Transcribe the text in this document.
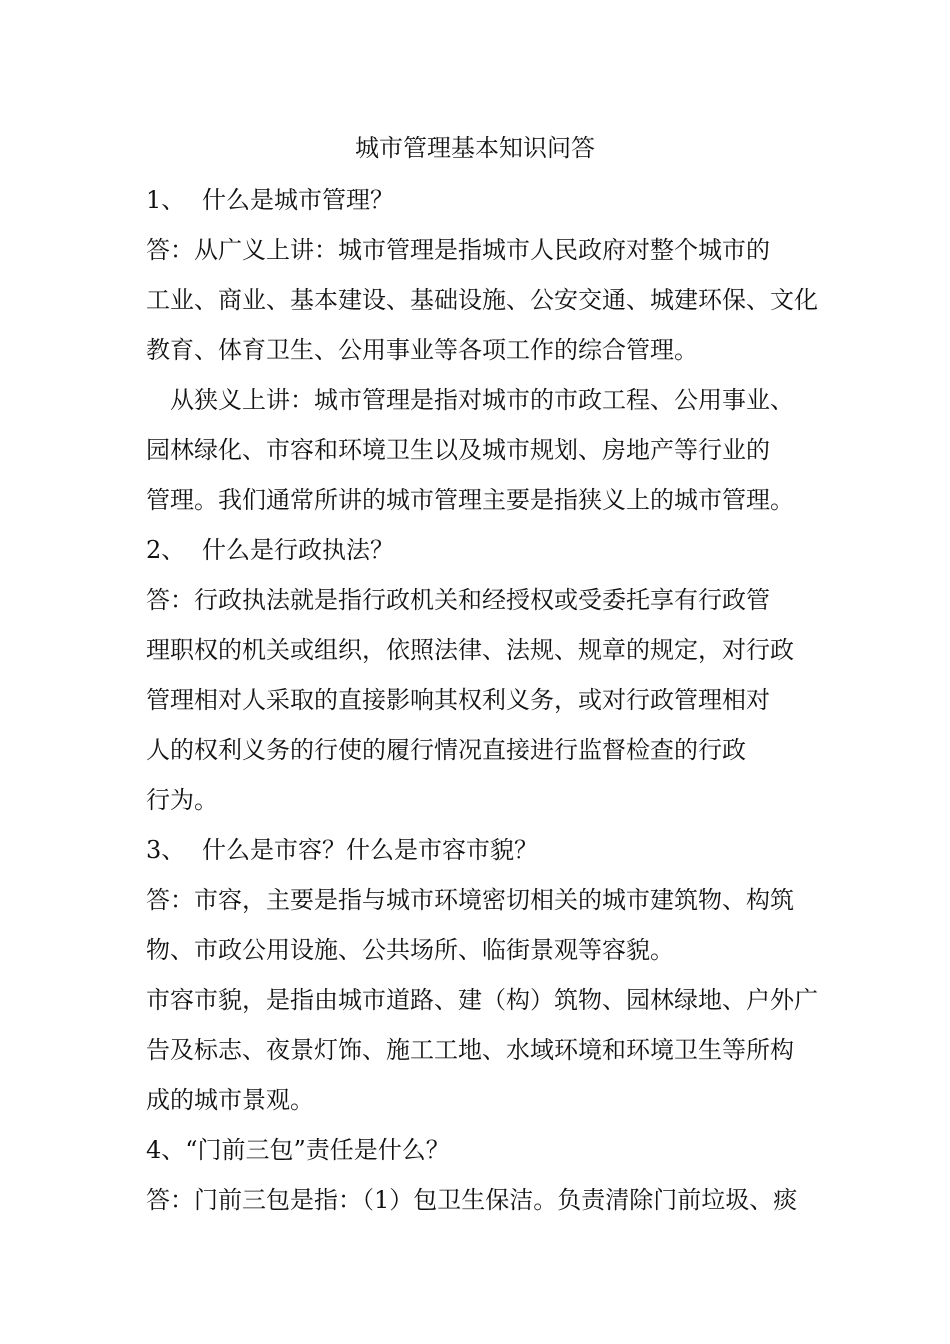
城市管理基本知识问答
1、 什么是城市管理？
答：从广义上讲：城市管理是指城市人民政府对整个城市的
工业、商业、基本建设、基础设施、公安交通、城建环保、文化
教育、体育卫生、公用事业等各项工作的综合管理。
　从狭义上讲：城市管理是指对城市的市政工程、公用事业、
园林绿化、市容和环境卫生以及城市规划、房地产等行业的
管理。我们通常所讲的城市管理主要是指狭义上的城市管理。
2、 什么是行政执法？
答：行政执法就是指行政机关和经授权或受委托享有行政管
理职权的机关或组织，依照法律、法规、规章的规定，对行政
管理相对人采取的直接影响其权利义务，或对行政管理相对
人的权利义务的行使的履行情况直接进行监督检查的行政
行为。
3、 什么是市容？什么是市容市貌？
答：市容，主要是指与城市环境密切相关的城市建筑物、构筑
物、市政公用设施、公共场所、临街景观等容貌。
市容市貌，是指由城市道路、建（构）筑物、园林绿地、户外广
告及标志、夜景灯饰、施工工地、水域环境和环境卫生等所构
成的城市景观。
4、“门前三包”责任是什么？
答：门前三包是指：（1）包卫生保洁。负责清除门前垃圾、痰
